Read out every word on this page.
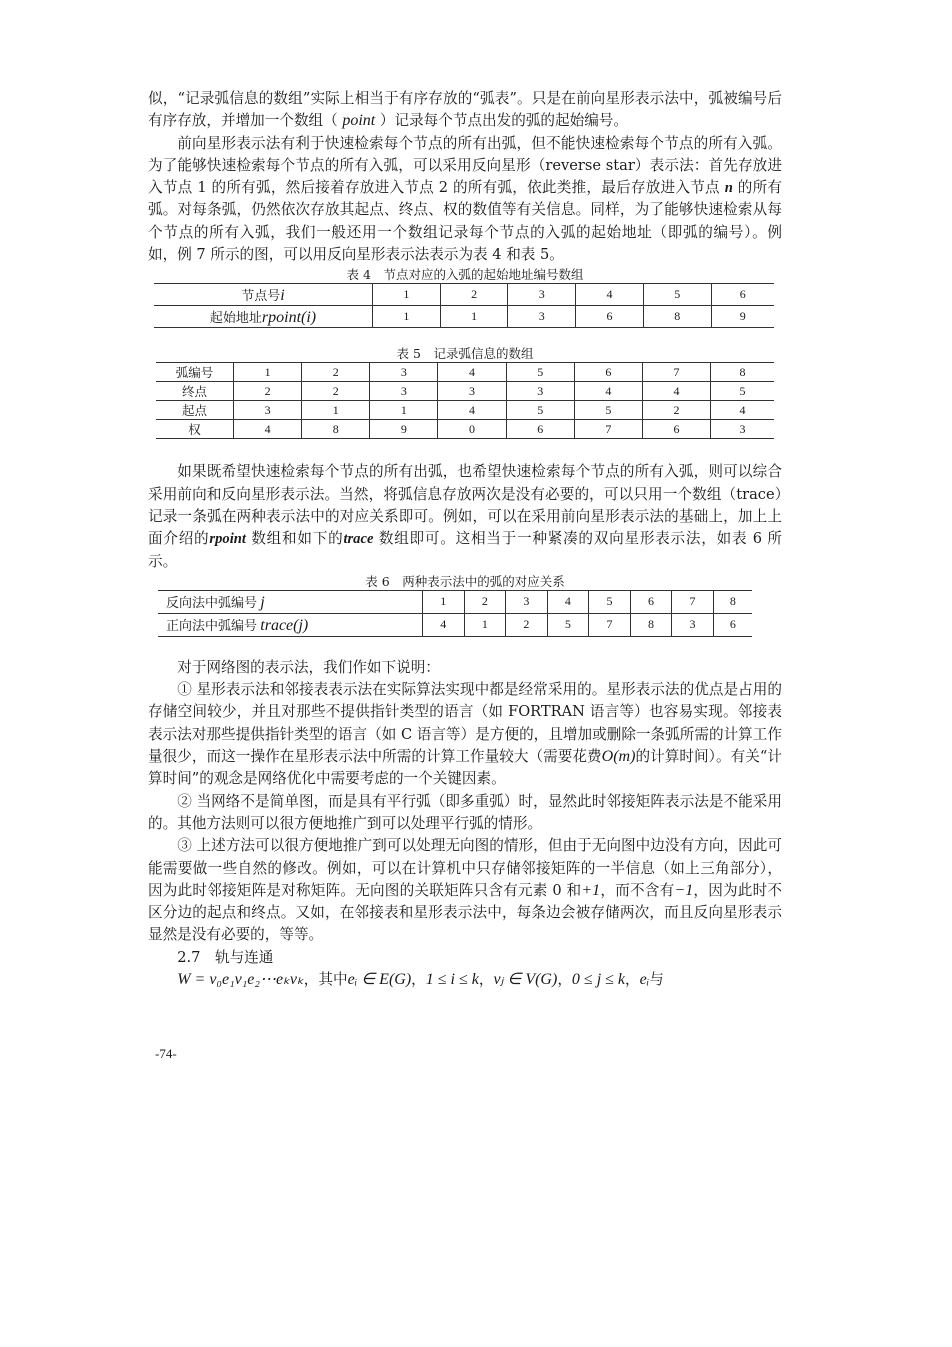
似，“记录弧信息的数组”实际上相当于有序存放的“弧表”。只是在前向星形表示法中，弧被编号后有序存放，并增加一个数组（ point ）记录每个节点出发的弧的起始编号。

前向星形表示法有利于快速检索每个节点的所有出弧，但不能快速检索每个节点的所有入弧。为了能够快速检索每个节点的所有入弧，可以采用反向星形（reverse star）表示法：首先存放进入节点 1 的所有弧，然后接着存放进入节点 2 的所有弧，依此类推，最后存放进入节点 n 的所有弧。对每条弧，仍然依次存放其起点、终点、权的数值等有关信息。同样，为了能够快速检索从每个节点的所有入弧，我们一般还用一个数组记录每个节点的入弧的起始地址（即弧的编号）。例如，例 7 所示的图，可以用反向星形表示法表示为表 4 和表 5。

表 4　节点对应的入弧的起始地址编号数组
节点号i	1	2	3	4	5	6
起始地址rpoint(i)	1	1	3	6	8	9
表 5　记录弧信息的数组
弧编号	1	2	3	4	5	6	7	8
终点	2	2	3	3	3	4	4	5
起点	3	1	1	4	5	5	2	4
权	4	8	9	0	6	7	6	3

如果既希望快速检索每个节点的所有出弧，也希望快速检索每个节点的所有入弧，则可以综合采用前向和反向星形表示法。当然，将弧信息存放两次是没有必要的，可以只用一个数组（trace）记录一条弧在两种表示法中的对应关系即可。例如，可以在采用前向星形表示法的基础上，加上上面介绍的rpoint 数组和如下的trace 数组即可。这相当于一种紧凑的双向星形表示法，如表 6 所示。

表 6　两种表示法中的弧的对应关系
反向法中弧编号 j	1	2	3	4	5	6	7	8
正向法中弧编号 trace(j)	4	1	2	5	7	8	3	6

对于网络图的表示法，我们作如下说明：

① 星形表示法和邻接表表示法在实际算法实现中都是经常采用的。星形表示法的优点是占用的存储空间较少，并且对那些不提供指针类型的语言（如 FORTRAN 语言等）也容易实现。邻接表表示法对那些提供指针类型的语言（如 C 语言等）是方便的，且增加或删除一条弧所需的计算工作量很少，而这一操作在星形表示法中所需的计算工作量较大（需要花费O(m)的计算时间）。有关“计算时间”的观念是网络优化中需要考虑的一个关键因素。

② 当网络不是简单图，而是具有平行弧（即多重弧）时，显然此时邻接矩阵表示法是不能采用的。其他方法则可以很方便地推广到可以处理平行弧的情形。

③ 上述方法可以很方便地推广到可以处理无向图的情形，但由于无向图中边没有方向，因此可能需要做一些自然的修改。例如，可以在计算机中只存储邻接矩阵的一半信息（如上三角部分），因为此时邻接矩阵是对称矩阵。无向图的关联矩阵只含有元素 0 和+1，而不含有−1，因为此时不区分边的起点和终点。又如，在邻接表和星形表示法中，每条边会被存储两次，而且反向星形表示显然是没有必要的，等等。

2.7　轨与连通

W = v₀e₁v₁e₂⋯eₖvₖ，其中eᵢ ∈ E(G)，1 ≤ i ≤ k，vⱼ ∈ V(G)，0 ≤ j ≤ k，eᵢ与

-74-
